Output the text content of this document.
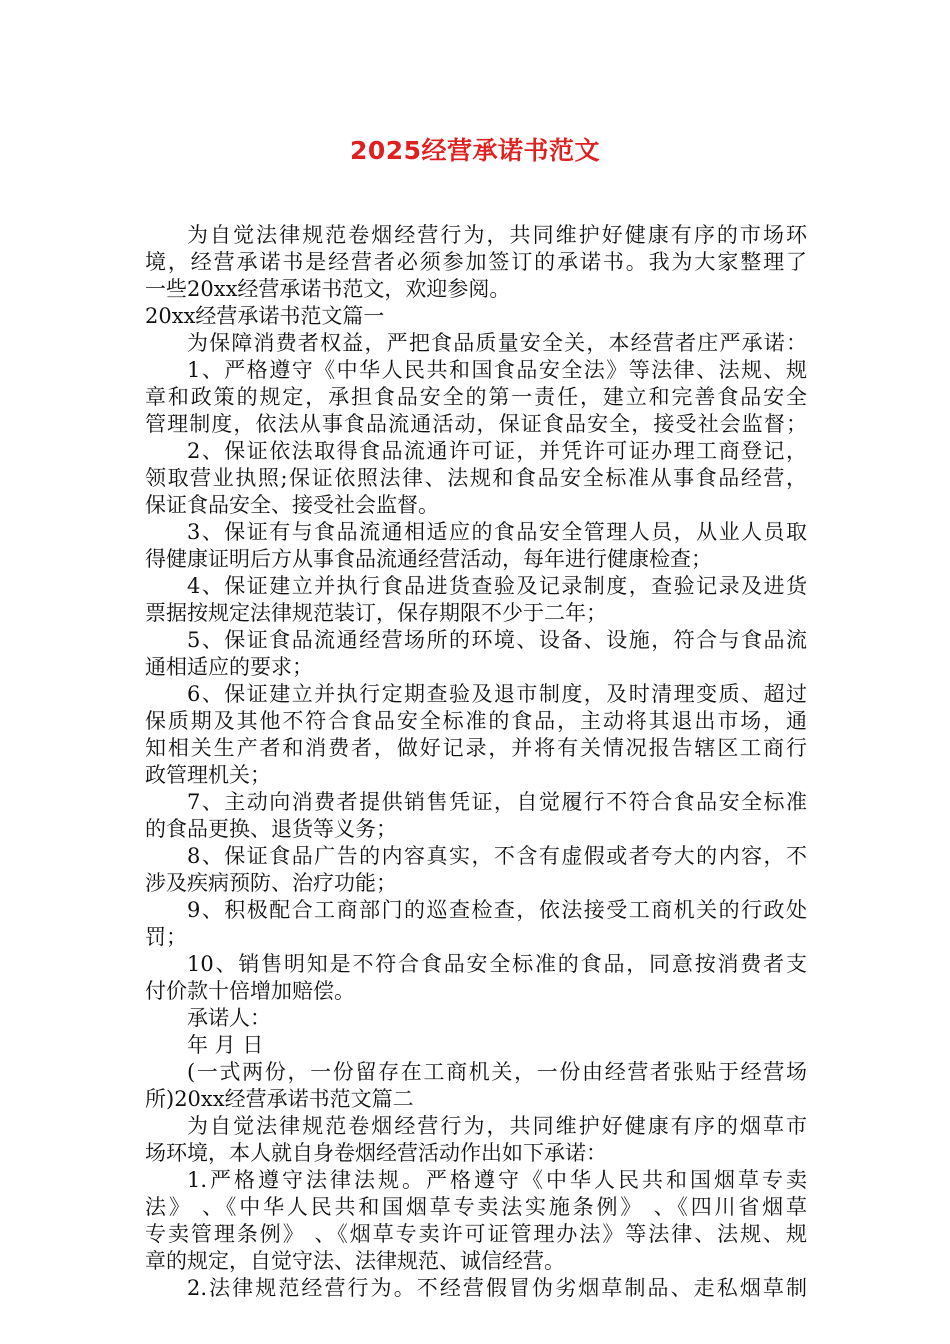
2025经营承诺书范文
为自觉法律规范卷烟经营行为，共同维护好健康有序的市场环
境，经营承诺书是经营者必须参加签订的承诺书。我为大家整理了
一些20xx经营承诺书范文，欢迎参阅。
20xx经营承诺书范文篇一
为保障消费者权益，严把食品质量安全关，本经营者庄严承诺：
1、严格遵守《中华人民共和国食品安全法》等法律、法规、规
章和政策的规定，承担食品安全的第一责任，建立和完善食品安全
管理制度，依法从事食品流通活动，保证食品安全，接受社会监督；
2、保证依法取得食品流通许可证，并凭许可证办理工商登记，
领取营业执照;保证依照法律、法规和食品安全标准从事食品经营，
保证食品安全、接受社会监督。
3、保证有与食品流通相适应的食品安全管理人员，从业人员取
得健康证明后方从事食品流通经营活动，每年进行健康检查；
4、保证建立并执行食品进货查验及记录制度，查验记录及进货
票据按规定法律规范装订，保存期限不少于二年；
5、保证食品流通经营场所的环境、设备、设施，符合与食品流
通相适应的要求；
6、保证建立并执行定期查验及退市制度，及时清理变质、超过
保质期及其他不符合食品安全标准的食品，主动将其退出市场，通
知相关生产者和消费者，做好记录，并将有关情况报告辖区工商行
政管理机关；
7、主动向消费者提供销售凭证，自觉履行不符合食品安全标准
的食品更换、退货等义务；
8、保证食品广告的内容真实，不含有虚假或者夸大的内容，不
涉及疾病预防、治疗功能；
9、积极配合工商部门的巡查检查，依法接受工商机关的行政处
罚；
10、销售明知是不符合食品安全标准的食品，同意按消费者支
付价款十倍增加赔偿。
承诺人：
年 月 日
(一式两份，一份留存在工商机关，一份由经营者张贴于经营场
所)20xx经营承诺书范文篇二
为自觉法律规范卷烟经营行为，共同维护好健康有序的烟草市
场环境，本人就自身卷烟经营活动作出如下承诺：
1.严格遵守法律法规。严格遵守《中华人民共和国烟草专卖
法》 、《中华人民共和国烟草专卖法实施条例》 、《四川省烟草
专卖管理条例》 、《烟草专卖许可证管理办法》等法律、法规、规
章的规定，自觉守法、法律规范、诚信经营。
2.法律规范经营行为。不经营假冒伪劣烟草制品、走私烟草制
